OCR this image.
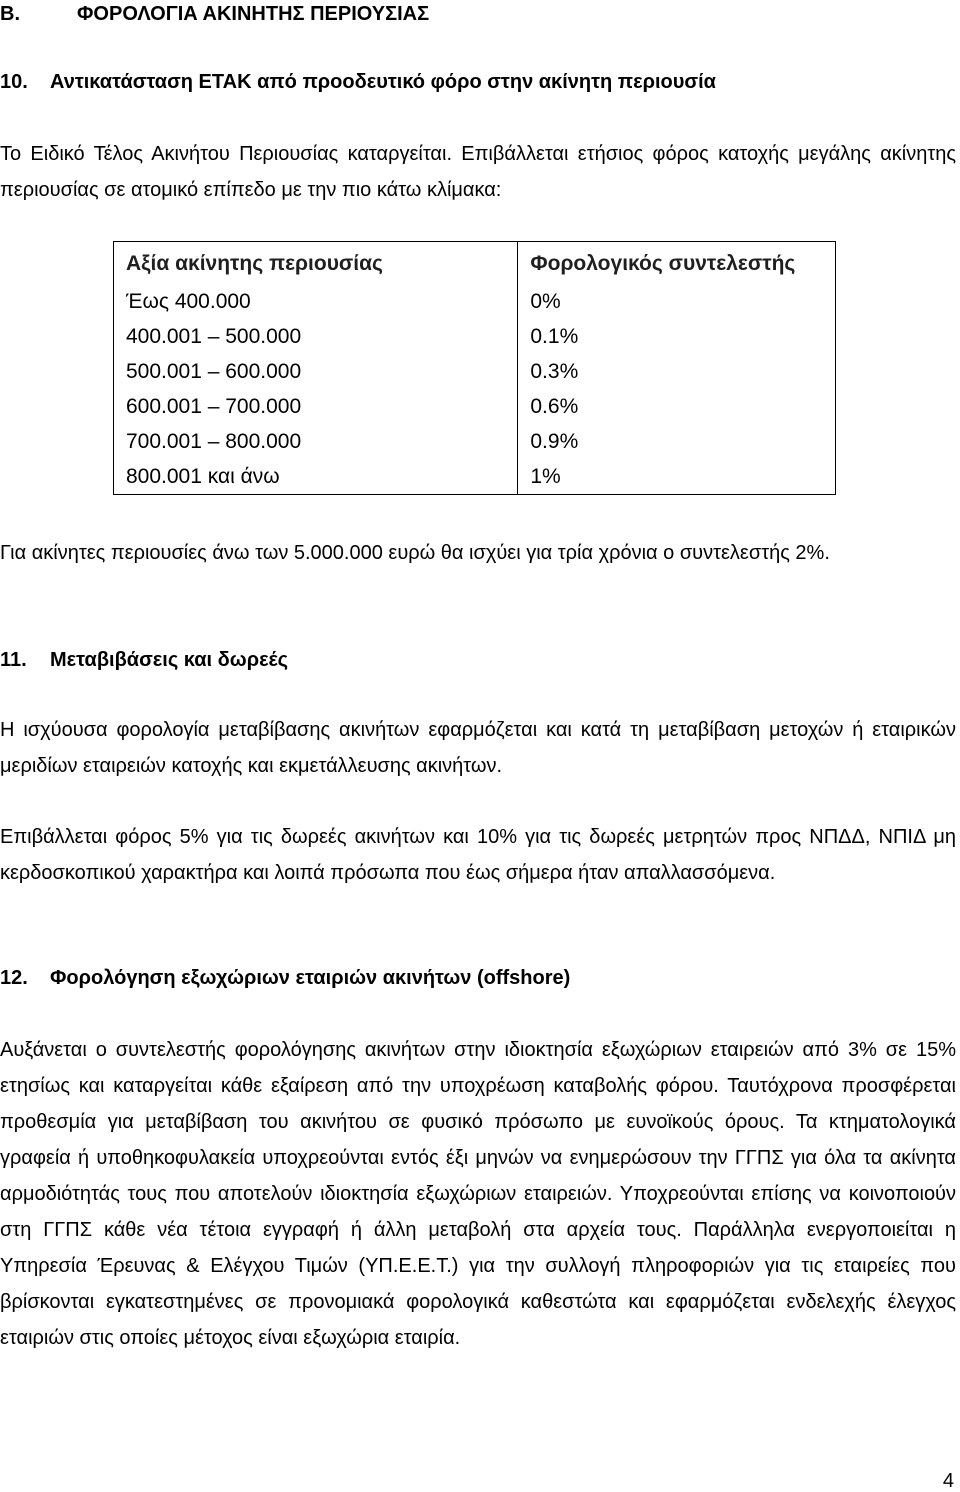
Β.	ΦΟΡΟΛΟΓΙΑ ΑΚΙΝΗΤΗΣ ΠΕΡΙΟΥΣΙΑΣ
10. Αντικατάσταση ΕΤΑΚ από προοδευτικό φόρο στην ακίνητη περιουσία
Το Ειδικό Τέλος Ακινήτου Περιουσίας καταργείται. Επιβάλλεται ετήσιος φόρος κατοχής μεγάλης ακίνητης περιουσίας σε ατομικό επίπεδο με την πιο κάτω κλίμακα:
Αξία ακίνητης περιουσίας	Φορολογικός συντελεστής
Έως 400.000	0%
400.001 – 500.000	0.1%
500.001 – 600.000	0.3%
600.001 – 700.000	0.6%
700.001 – 800.000	0.9%
800.001 και άνω	1%
Για ακίνητες περιουσίες άνω των 5.000.000 ευρώ θα ισχύει για τρία χρόνια ο συντελεστής 2%.
11. Μεταβιβάσεις και δωρεές
Η ισχύουσα φορολογία μεταβίβασης ακινήτων εφαρμόζεται και κατά τη μεταβίβαση μετοχών ή εταιρικών μεριδίων εταιρειών κατοχής και εκμετάλλευσης ακινήτων.
Επιβάλλεται φόρος 5% για τις δωρεές ακινήτων και 10% για τις δωρεές μετρητών προς ΝΠΔΔ, ΝΠΙΔ μη κερδοσκοπικού χαρακτήρα και λοιπά πρόσωπα που έως σήμερα ήταν απαλλασσόμενα.
12. Φορολόγηση εξωχώριων εταιριών ακινήτων (offshore)
Αυξάνεται ο συντελεστής φορολόγησης ακινήτων στην ιδιοκτησία εξωχώριων εταιρειών από 3% σε 15% ετησίως και καταργείται κάθε εξαίρεση από την υποχρέωση καταβολής φόρου. Ταυτόχρονα προσφέρεται προθεσμία για μεταβίβαση του ακινήτου σε φυσικό πρόσωπο με ευνοϊκούς όρους. Τα κτηματολογικά γραφεία ή υποθηκοφυλακεία υποχρεούνται εντός έξι μηνών να ενημερώσουν την ΓΓΠΣ για όλα τα ακίνητα αρμοδιότητάς τους που αποτελούν ιδιοκτησία εξωχώριων εταιρειών. Υποχρεούνται επίσης να κοινοποιούν στη ΓΓΠΣ κάθε νέα τέτοια εγγραφή ή άλλη μεταβολή στα αρχεία τους. Παράλληλα ενεργοποιείται η Υπηρεσία Έρευνας & Ελέγχου Τιμών (ΥΠ.Ε.Ε.Τ.) για την συλλογή πληροφοριών για τις εταιρείες που βρίσκονται εγκατεστημένες σε προνομιακά φορολογικά καθεστώτα και εφαρμόζεται ενδελεχής έλεγχος εταιριών στις οποίες μέτοχος είναι εξωχώρια εταιρία.
4
